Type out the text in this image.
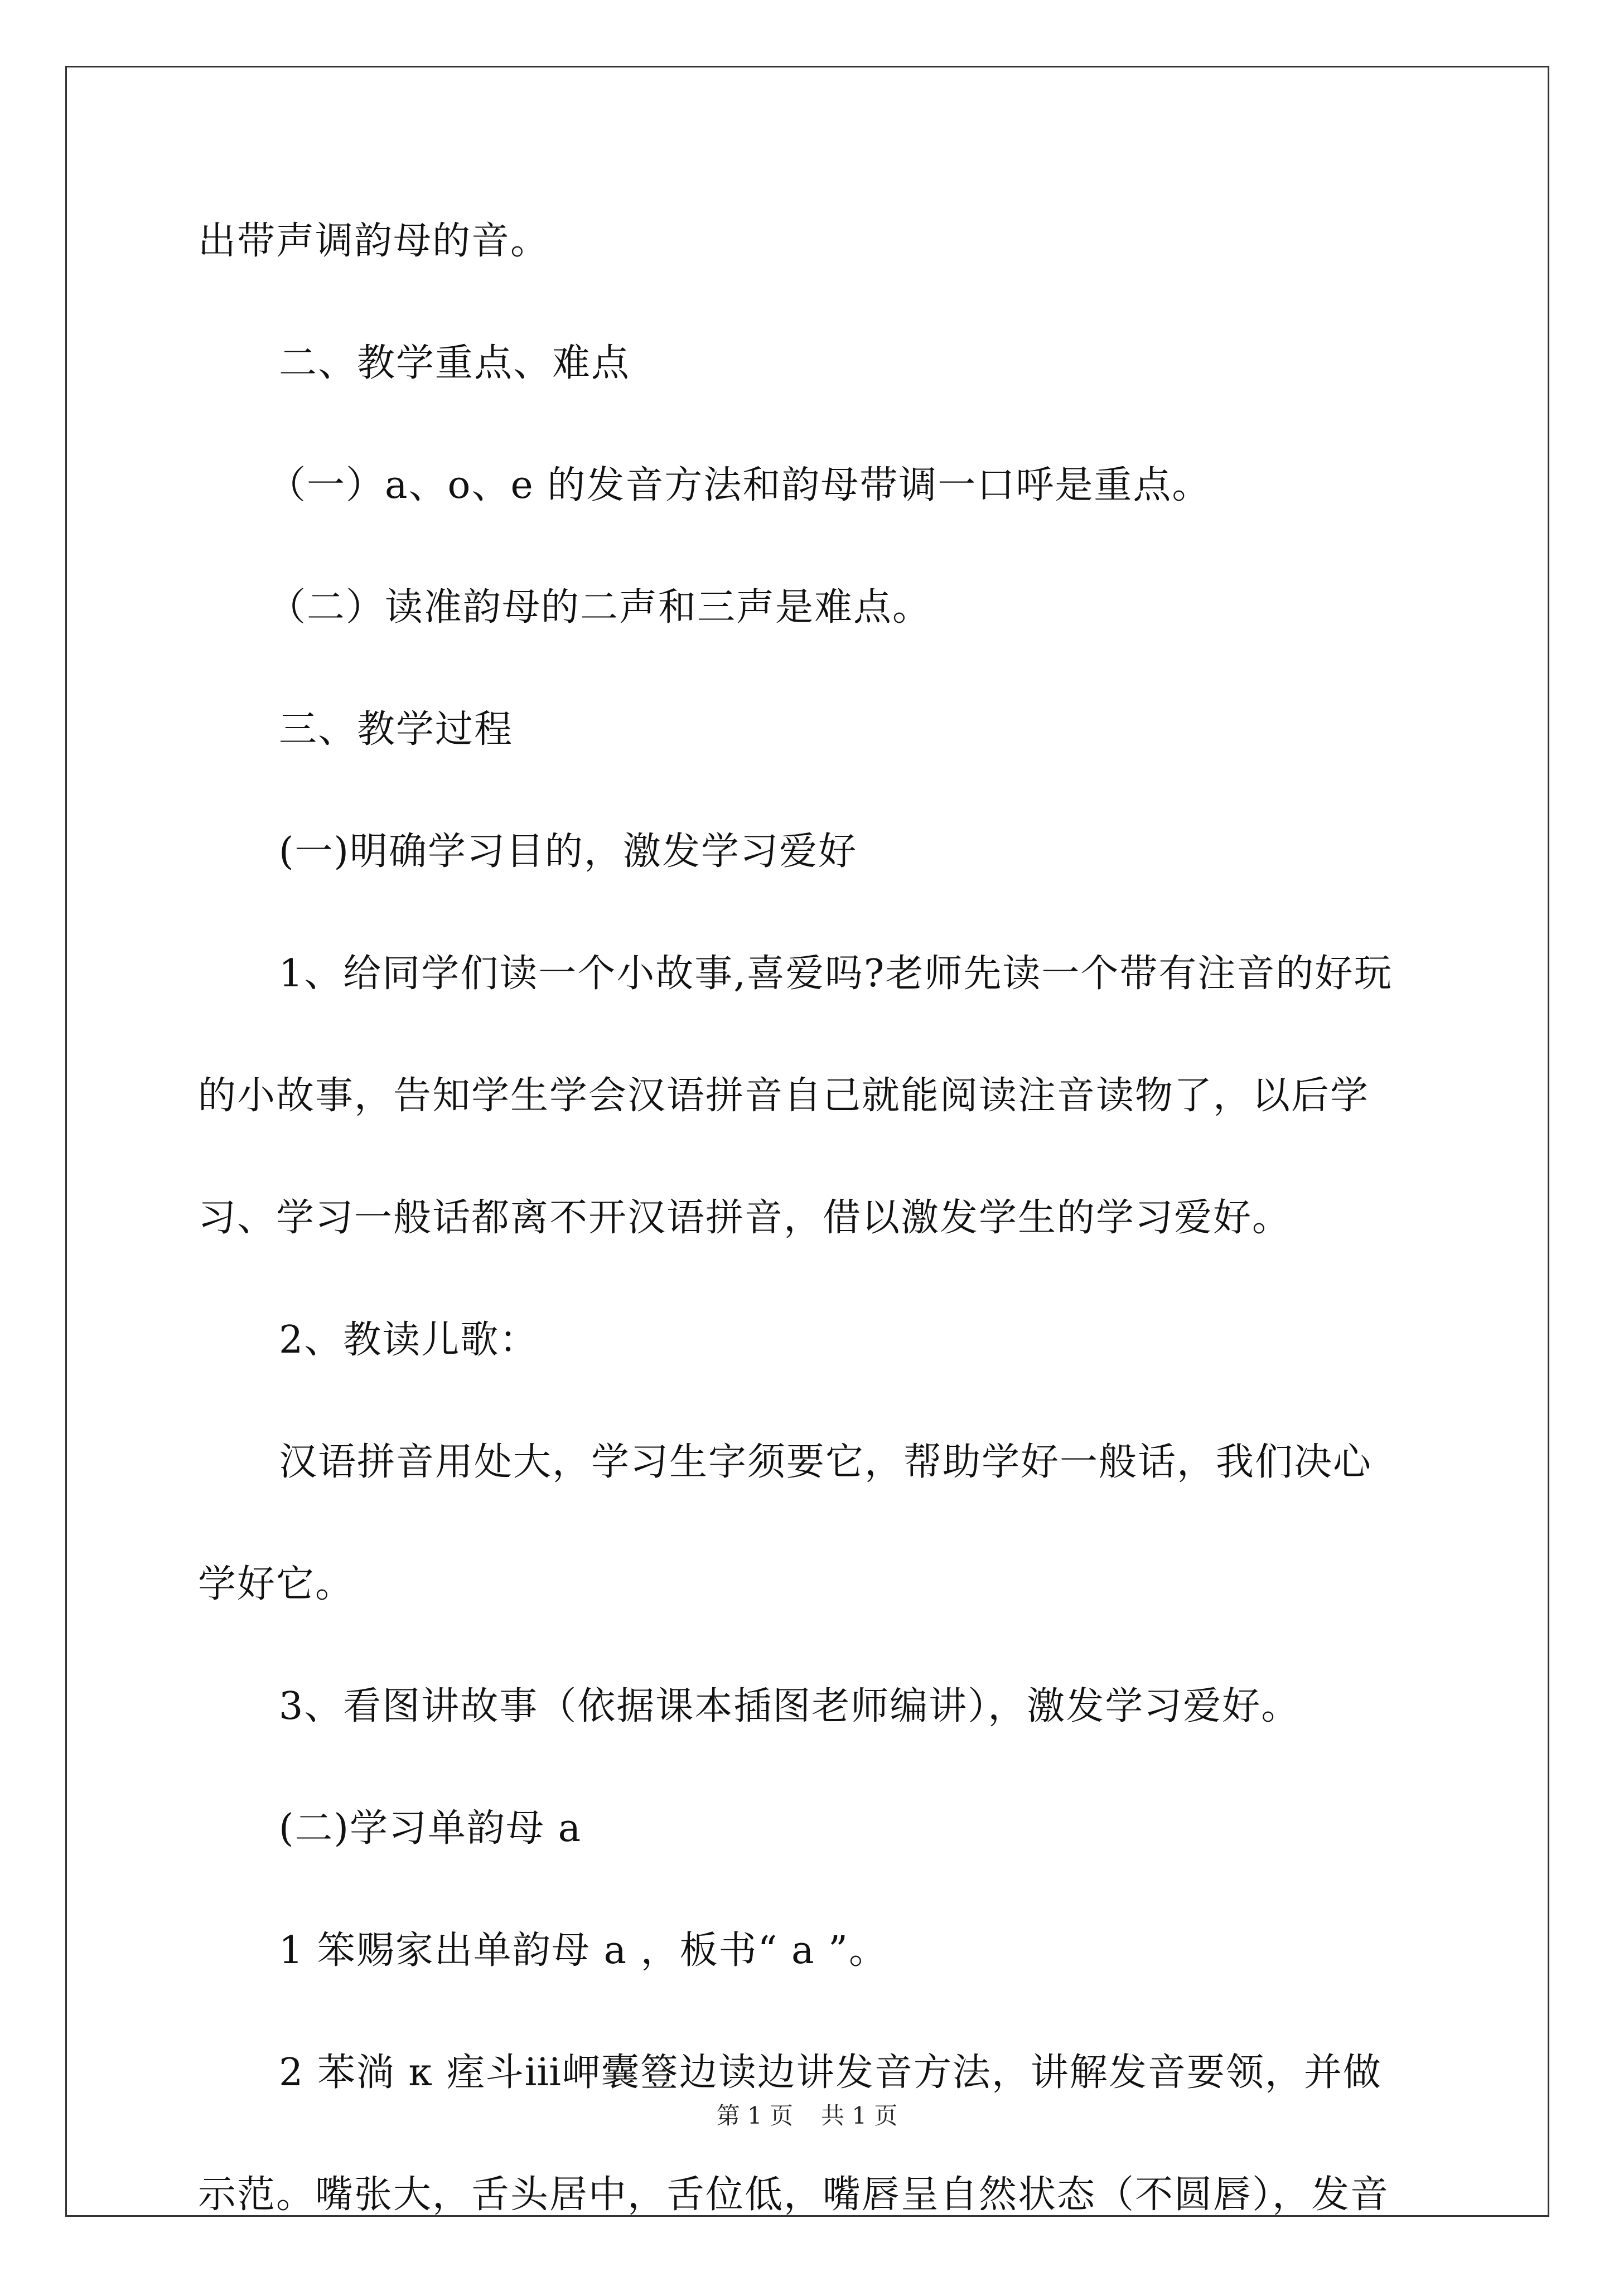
出带声调韵母的音。
二、教学重点、难点
（一）a、o、e 的发音方法和韵母带调一口呼是重点。
（二）读准韵母的二声和三声是难点。
三、教学过程
(一)明确学习目的，激发学习爱好
1、给同学们读一个小故事,喜爱吗?老师先读一个带有注音的好玩
的小故事，告知学生学会汉语拼音自己就能阅读注音读物了，以后学
习、学习一般话都离不开汉语拼音，借以激发学生的学习爱好。
2、教读儿歌：
汉语拼音用处大，学习生字须要它，帮助学好一般话，我们决心
学好它。
3、看图讲故事（依据课本插图老师编讲），激发学习爱好。
(二)学习单韵母 a
1 笨赐家出单韵母 a ，板书“ a ”。
2 苯淌 κ 痓斗ⅲ岬囊簦边读边讲发音方法，讲解发音要领，并做
示范。嘴张大，舌头居中，舌位低，嘴唇呈自然状态（不圆唇），发音
第 1 页 共 1 页
